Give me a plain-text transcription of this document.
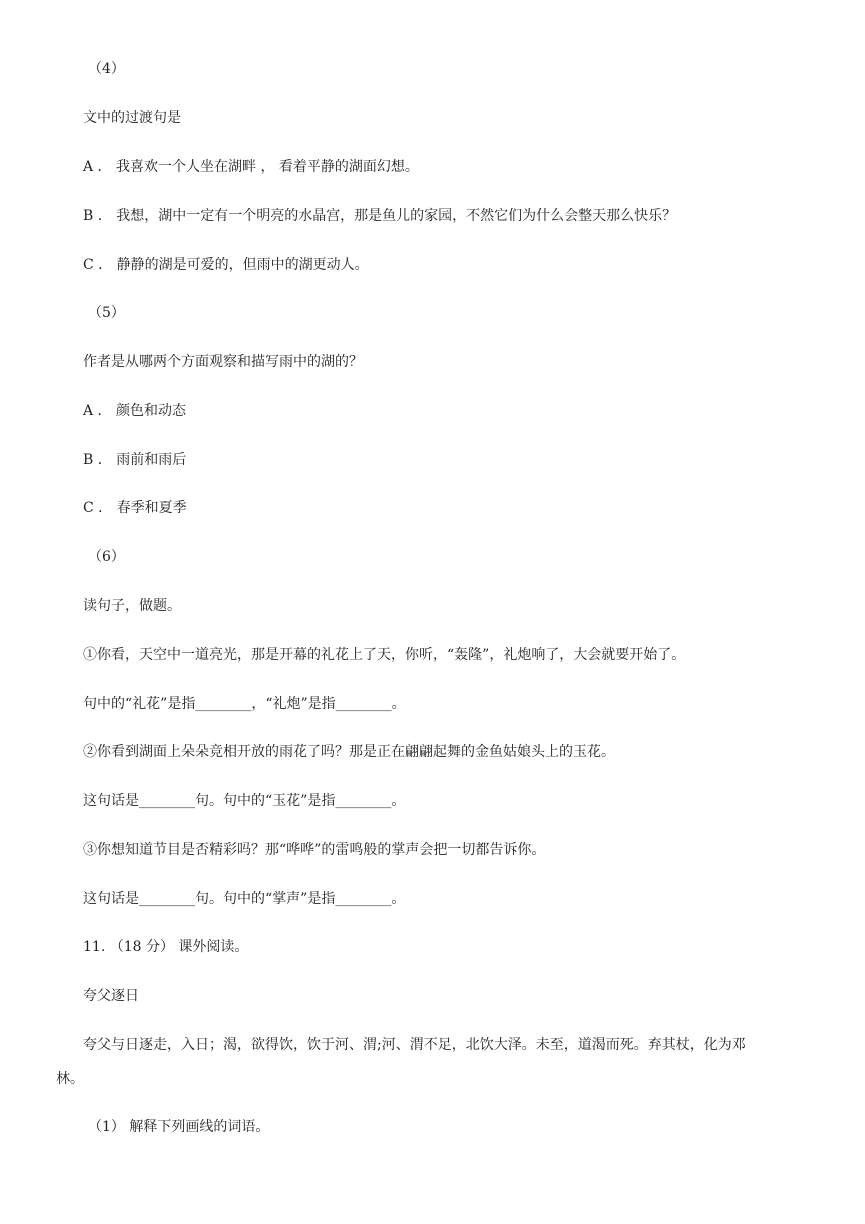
（4）
文中的过渡句是
A ． 我喜欢一个人坐在湖畔 ， 看着平静的湖面幻想。
B ． 我想，湖中一定有一个明亮的水晶宫，那是鱼儿的家园，不然它们为什么会整天那么快乐？
C ． 静静的湖是可爱的，但雨中的湖更动人。
（5）
作者是从哪两个方面观察和描写雨中的湖的？
A ． 颜色和动态
B ． 雨前和雨后
C ． 春季和夏季
（6）
读句子，做题。
①你看，天空中一道亮光，那是开幕的礼花上了天，你听，“轰隆”，礼炮响了，大会就要开始了。
句中的“礼花”是指________，“礼炮”是指________。
②你看到湖面上朵朵竞相开放的雨花了吗？那是正在翩翩起舞的金鱼姑娘头上的玉花。
这句话是________句。句中的“玉花”是指________。
③你想知道节目是否精彩吗？那“哗哗”的雷鸣般的掌声会把一切都告诉你。
这句话是________句。句中的“掌声”是指________。
11. （18 分） 课外阅读。
夸父逐日
夸父与日逐走，入日；渴，欲得饮，饮于河、渭;河、渭不足，北饮大泽。未至，道渴而死。弃其杖，化为邓
林。
（1） 解释下列画线的词语。
